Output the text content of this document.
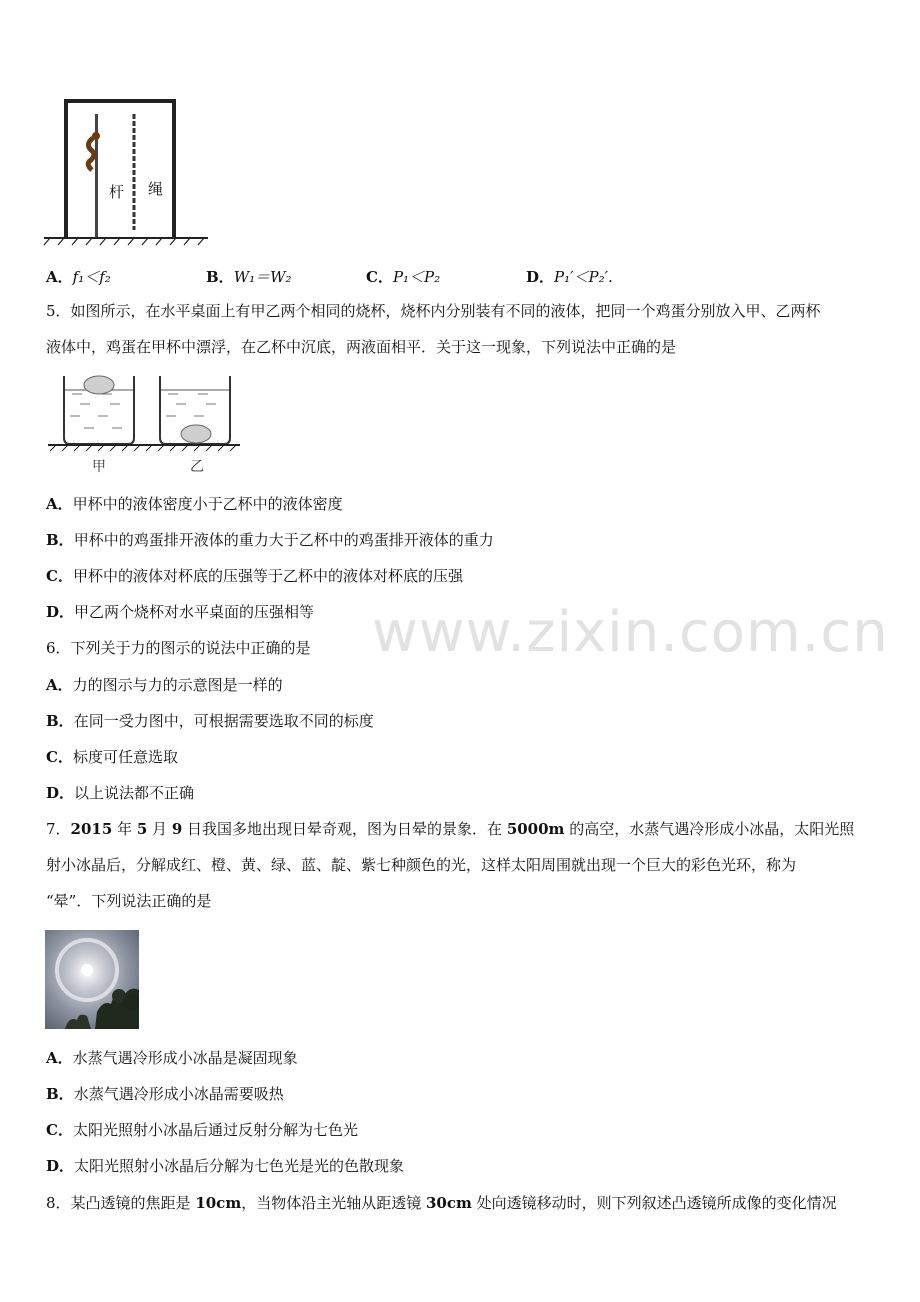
www.zixin.com.cn
杆 绳
A．f₁＜f₂	B．W₁＝W₂	C．P₁＜P₂	D．P₁′＜P₂′.
5．如图所示，在水平桌面上有甲乙两个相同的烧杯，烧杯内分别装有不同的液体，把同一个鸡蛋分别放入甲、乙两杯
液体中，鸡蛋在甲杯中漂浮，在乙杯中沉底，两液面相平．关于这一现象，下列说法中正确的是
甲	乙
A．甲杯中的液体密度小于乙杯中的液体密度
B．甲杯中的鸡蛋排开液体的重力大于乙杯中的鸡蛋排开液体的重力
C．甲杯中的液体对杯底的压强等于乙杯中的液体对杯底的压强
D．甲乙两个烧杯对水平桌面的压强相等
6．下列关于力的图示的说法中正确的是
A．力的图示与力的示意图是一样的
B．在同一受力图中，可根据需要选取不同的标度
C．标度可任意选取
D．以上说法都不正确
7．2015 年 5 月 9 日我国多地出现日晕奇观，图为日晕的景象．在 5000m 的高空，水蒸气遇冷形成小冰晶，太阳光照
射小冰晶后，分解成红、橙、黄、绿、蓝、靛、紫七种颜色的光，这样太阳周围就出现一个巨大的彩色光环，称为
“晕”．下列说法正确的是
A．水蒸气遇冷形成小冰晶是凝固现象
B．水蒸气遇冷形成小冰晶需要吸热
C．太阳光照射小冰晶后通过反射分解为七色光
D．太阳光照射小冰晶后分解为七色光是光的色散现象
8．某凸透镜的焦距是 10cm，当物体沿主光轴从距透镜 30cm 处向透镜移动时，则下列叙述凸透镜所成像的变化情况
